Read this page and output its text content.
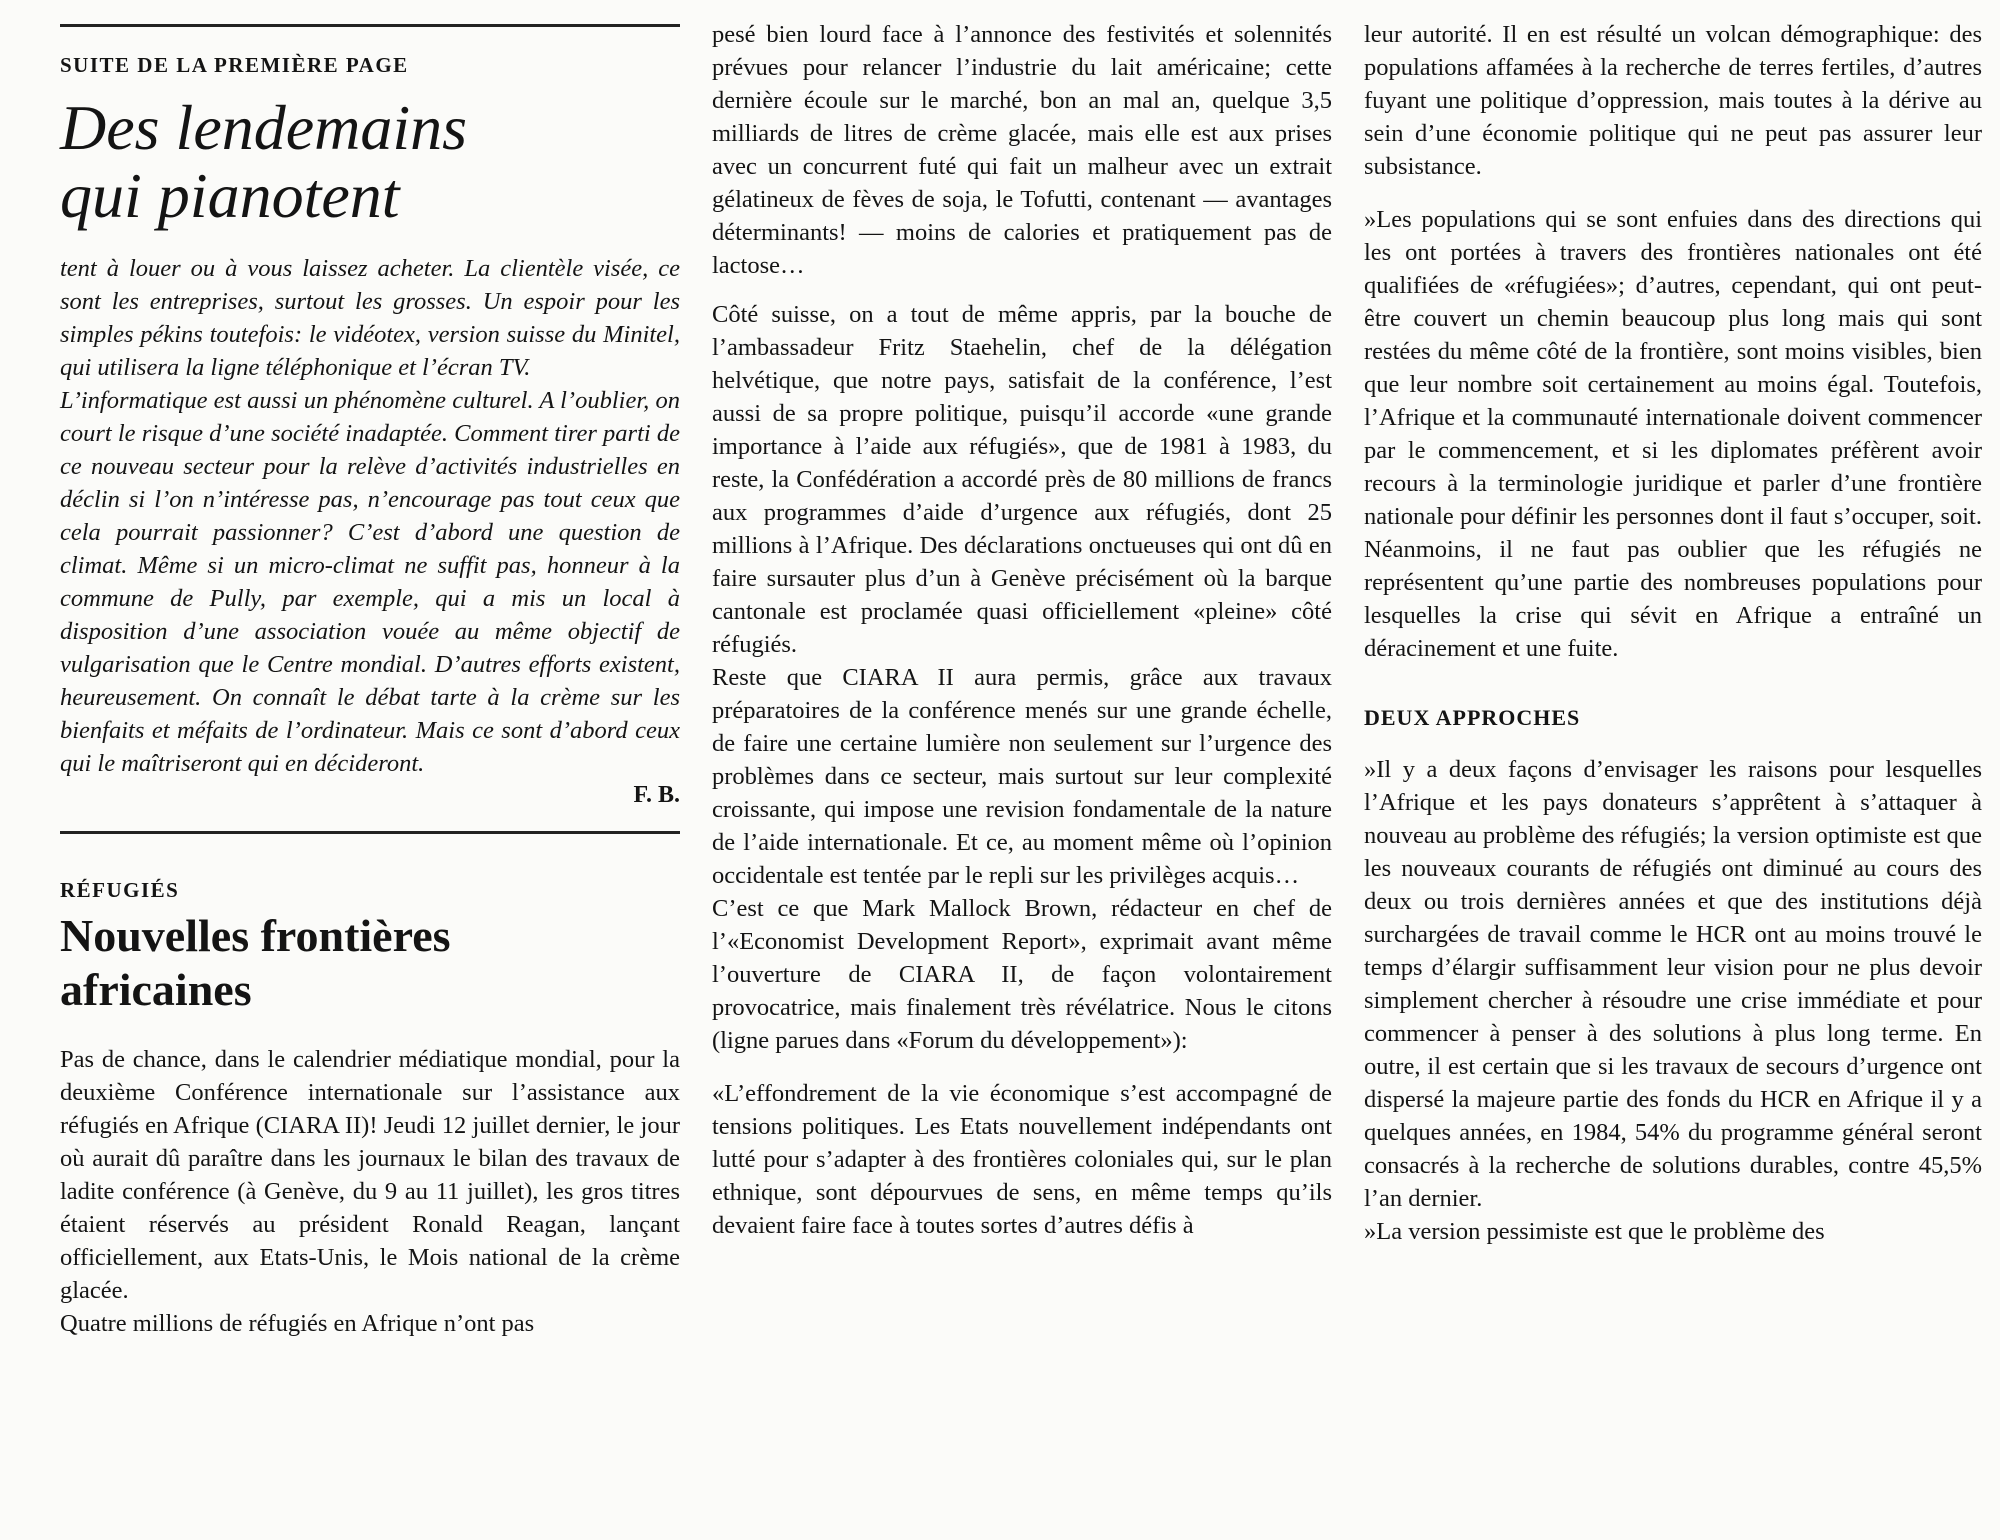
SUITE DE LA PREMIÈRE PAGE

Des lendemains
qui pianotent

tent à louer ou à vous laissez acheter. La clientèle visée, ce sont les entreprises, surtout les grosses. Un espoir pour les simples pékins toutefois: le vidéotex, version suisse du Minitel, qui utilisera la ligne téléphonique et l’écran TV.

L’informatique est aussi un phénomène culturel. A l’oublier, on court le risque d’une société inadaptée. Comment tirer parti de ce nouveau secteur pour la relève d’activités industrielles en déclin si l’on n’intéresse pas, n’encourage pas tout ceux que cela pourrait passionner? C’est d’abord une question de climat. Même si un micro-climat ne suffit pas, honneur à la commune de Pully, par exemple, qui a mis un local à disposition d’une association vouée au même objectif de vulgarisation que le Centre mondial. D’autres efforts existent, heureusement. On connaît le débat tarte à la crème sur les bienfaits et méfaits de l’ordinateur. Mais ce sont d’abord ceux qui le maîtriseront qui en décideront.

F. B.

RÉFUGIÉS

Nouvelles frontières
africaines

Pas de chance, dans le calendrier médiatique mondial, pour la deuxième Conférence internationale sur l’assistance aux réfugiés en Afrique (CIARA II)! Jeudi 12 juillet dernier, le jour où aurait dû paraître dans les journaux le bilan des travaux de ladite conférence (à Genève, du 9 au 11 juillet), les gros titres étaient réservés au président Ronald Reagan, lançant officiellement, aux Etats-Unis, le Mois national de la crème glacée.

Quatre millions de réfugiés en Afrique n’ont pas

pesé bien lourd face à l’annonce des festivités et solennités prévues pour relancer l’industrie du lait américaine; cette dernière écoule sur le marché, bon an mal an, quelque 3,5 milliards de litres de crème glacée, mais elle est aux prises avec un concurrent futé qui fait un malheur avec un extrait gélatineux de fèves de soja, le Tofutti, contenant — avantages déterminants! — moins de calories et pratiquement pas de lactose…

Côté suisse, on a tout de même appris, par la bouche de l’ambassadeur Fritz Staehelin, chef de la délégation helvétique, que notre pays, satisfait de la conférence, l’est aussi de sa propre politique, puisqu’il accorde «une grande importance à l’aide aux réfugiés», que de 1981 à 1983, du reste, la Confédération a accordé près de 80 millions de francs aux programmes d’aide d’urgence aux réfugiés, dont 25 millions à l’Afrique. Des déclarations onctueuses qui ont dû en faire sursauter plus d’un à Genève précisément où la barque cantonale est proclamée quasi officiellement «pleine» côté réfugiés.

Reste que CIARA II aura permis, grâce aux travaux préparatoires de la conférence menés sur une grande échelle, de faire une certaine lumière non seulement sur l’urgence des problèmes dans ce secteur, mais surtout sur leur complexité croissante, qui impose une revision fondamentale de la nature de l’aide internationale. Et ce, au moment même où l’opinion occidentale est tentée par le repli sur les privilèges acquis…

C’est ce que Mark Mallock Brown, rédacteur en chef de l’«Economist Development Report», exprimait avant même l’ouverture de CIARA II, de façon volontairement provocatrice, mais finalement très révélatrice. Nous le citons (ligne parues dans «Forum du développement»):

«L’effondrement de la vie économique s’est accompagné de tensions politiques. Les Etats nouvellement indépendants ont lutté pour s’adapter à des frontières coloniales qui, sur le plan ethnique, sont dépourvues de sens, en même temps qu’ils devaient faire face à toutes sortes d’autres défis à

leur autorité. Il en est résulté un volcan démographique: des populations affamées à la recherche de terres fertiles, d’autres fuyant une politique d’oppression, mais toutes à la dérive au sein d’une économie politique qui ne peut pas assurer leur subsistance.

»Les populations qui se sont enfuies dans des directions qui les ont portées à travers des frontières nationales ont été qualifiées de «réfugiées»; d’autres, cependant, qui ont peut-être couvert un chemin beaucoup plus long mais qui sont restées du même côté de la frontière, sont moins visibles, bien que leur nombre soit certainement au moins égal. Toutefois, l’Afrique et la communauté internationale doivent commencer par le commencement, et si les diplomates préfèrent avoir recours à la terminologie juridique et parler d’une frontière nationale pour définir les personnes dont il faut s’occuper, soit. Néanmoins, il ne faut pas oublier que les réfugiés ne représentent qu’une partie des nombreuses populations pour lesquelles la crise qui sévit en Afrique a entraîné un déracinement et une fuite.

DEUX APPROCHES

»Il y a deux façons d’envisager les raisons pour lesquelles l’Afrique et les pays donateurs s’apprêtent à s’attaquer à nouveau au problème des réfugiés; la version optimiste est que les nouveaux courants de réfugiés ont diminué au cours des deux ou trois dernières années et que des institutions déjà surchargées de travail comme le HCR ont au moins trouvé le temps d’élargir suffisamment leur vision pour ne plus devoir simplement chercher à résoudre une crise immédiate et pour commencer à penser à des solutions à plus long terme. En outre, il est certain que si les travaux de secours d’urgence ont dispersé la majeure partie des fonds du HCR en Afrique il y a quelques années, en 1984, 54% du programme général seront consacrés à la recherche de solutions durables, contre 45,5% l’an dernier.

»La version pessimiste est que le problème des
